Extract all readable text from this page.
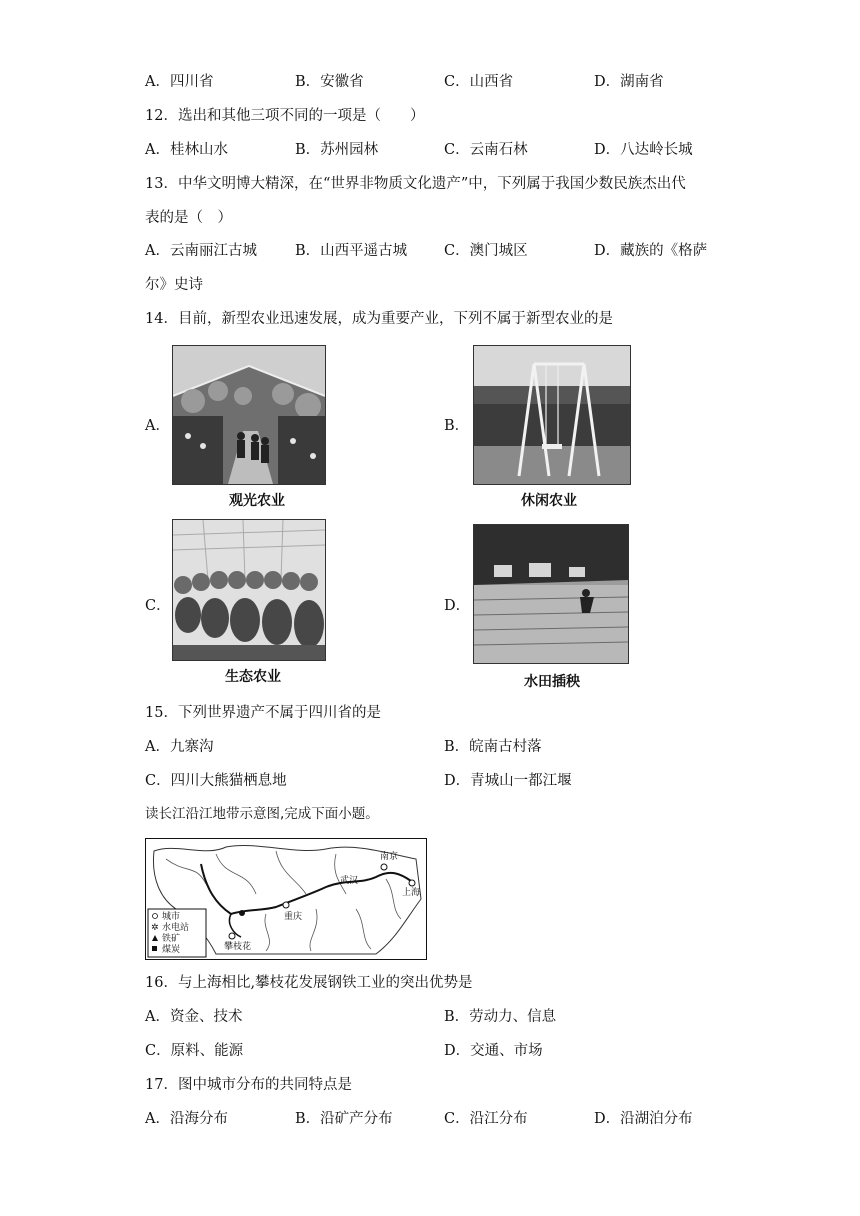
A．四川省	B．安徽省	C．山西省	D．湖南省
12．选出和其他三项不同的一项是（　　）
A．桂林山水	B．苏州园林	C．云南石林	D．八达岭长城
13．中华文明博大精深，在“世界非物质文化遗产”中，下列属于我国少数民族杰出代
表的是（　）
A．云南丽江古城	B．山西平遥古城	C．澳门城区	D．藏族的《格萨
尔》史诗
14．目前，新型农业迅速发展，成为重要产业，下列不属于新型农业的是
A．
观光农业
B．
休闲农业
C．
生态农业
D．
水田插秧
15．下列世界遗产不属于四川省的是
A．九寨沟	B．皖南古村落
C．四川大熊猫栖息地	D．青城山一都江堰
读长江沿江地带示意图,完成下面小题。
南京
武汉
上海
重庆
攀枝花
城市
✲ 水电站
铁矿
煤炭
16．与上海相比,攀枝花发展钢铁工业的突出优势是
A．资金、技术	B．劳动力、信息
C．原料、能源	D．交通、市场
17．图中城市分布的共同特点是
A．沿海分布	B．沿矿产分布	C．沿江分布	D．沿湖泊分布
